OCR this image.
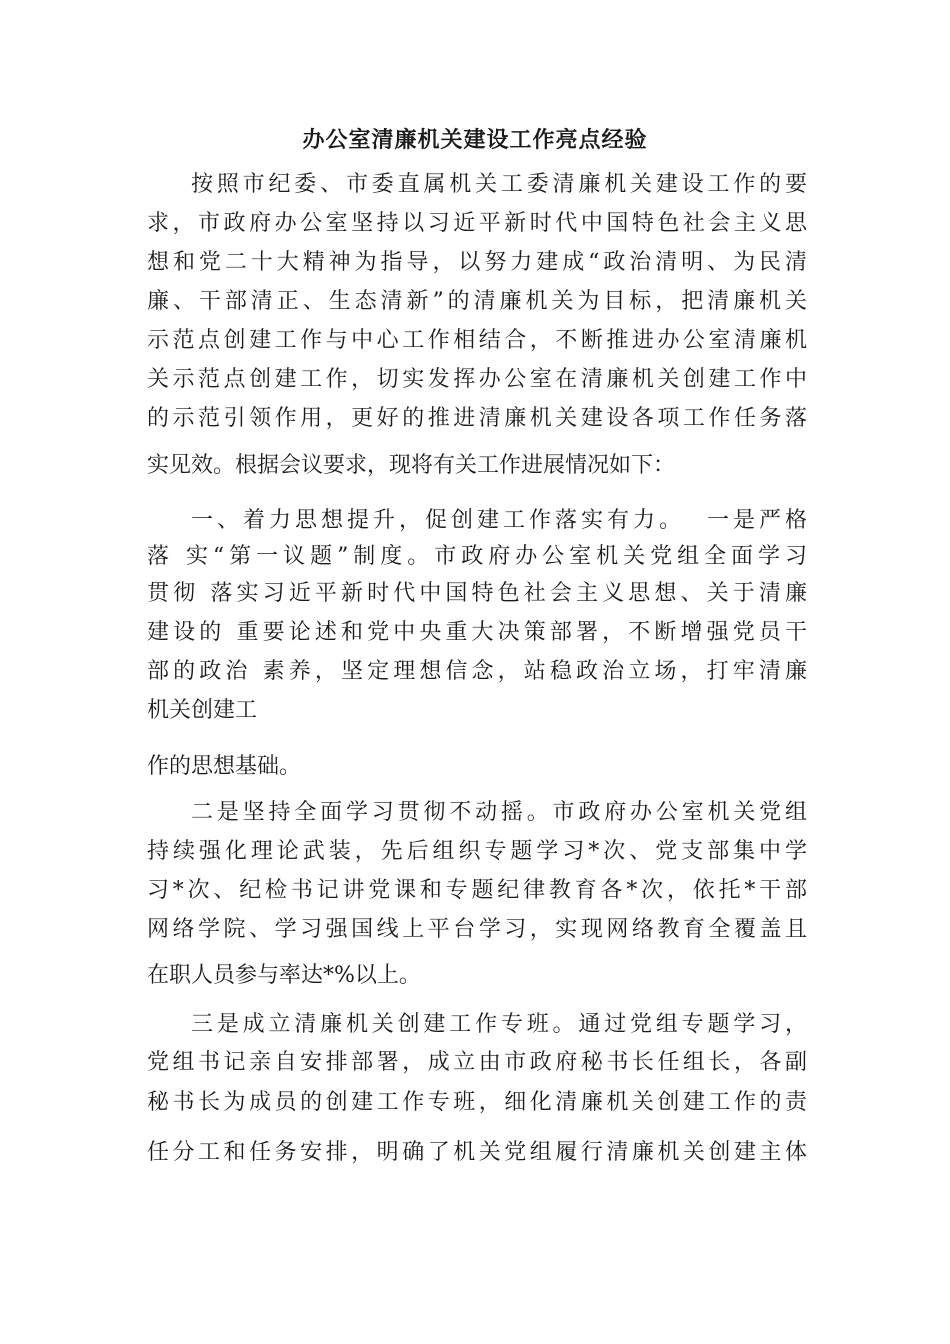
办公室清廉机关建设工作亮点经验
按照市纪委、市委直属机关工委清廉机关建设工作的要
求，市政府办公室坚持以习近平新时代中国特色社会主义思
想和党二十大精神为指导，以努力建成“政治清明、为民清
廉、干部清正、生态清新”的清廉机关为目标，把清廉机关
示范点创建工作与中心工作相结合，不断推进办公室清廉机
关示范点创建工作，切实发挥办公室在清廉机关创建工作中
的示范引领作用，更好的推进清廉机关建设各项工作任务落
实见效。根据会议要求，现将有关工作进展情况如下：
一、着力思想提升，促创建工作落实有力。  一是严格
落 实“第一议题”制度。市政府办公室机关党组全面学习
贯彻 落实习近平新时代中国特色社会主义思想、关于清廉
建设的 重要论述和党中央重大决策部署，不断增强党员干
部的政治 素养，坚定理想信念，站稳政治立场，打牢清廉
机关创建工
作的思想基础。
二是坚持全面学习贯彻不动摇。市政府办公室机关党组
持续强化理论武装，先后组织专题学习*次、党支部集中学
习*次、纪检书记讲党课和专题纪律教育各*次，依托*干部
网络学院、学习强国线上平台学习，实现网络教育全覆盖且
在职人员参与率达*%以上。
三是成立清廉机关创建工作专班。通过党组专题学习，
党组书记亲自安排部署，成立由市政府秘书长任组长，各副
秘书长为成员的创建工作专班，细化清廉机关创建工作的责
任分工和任务安排，明确了机关党组履行清廉机关创建主体
